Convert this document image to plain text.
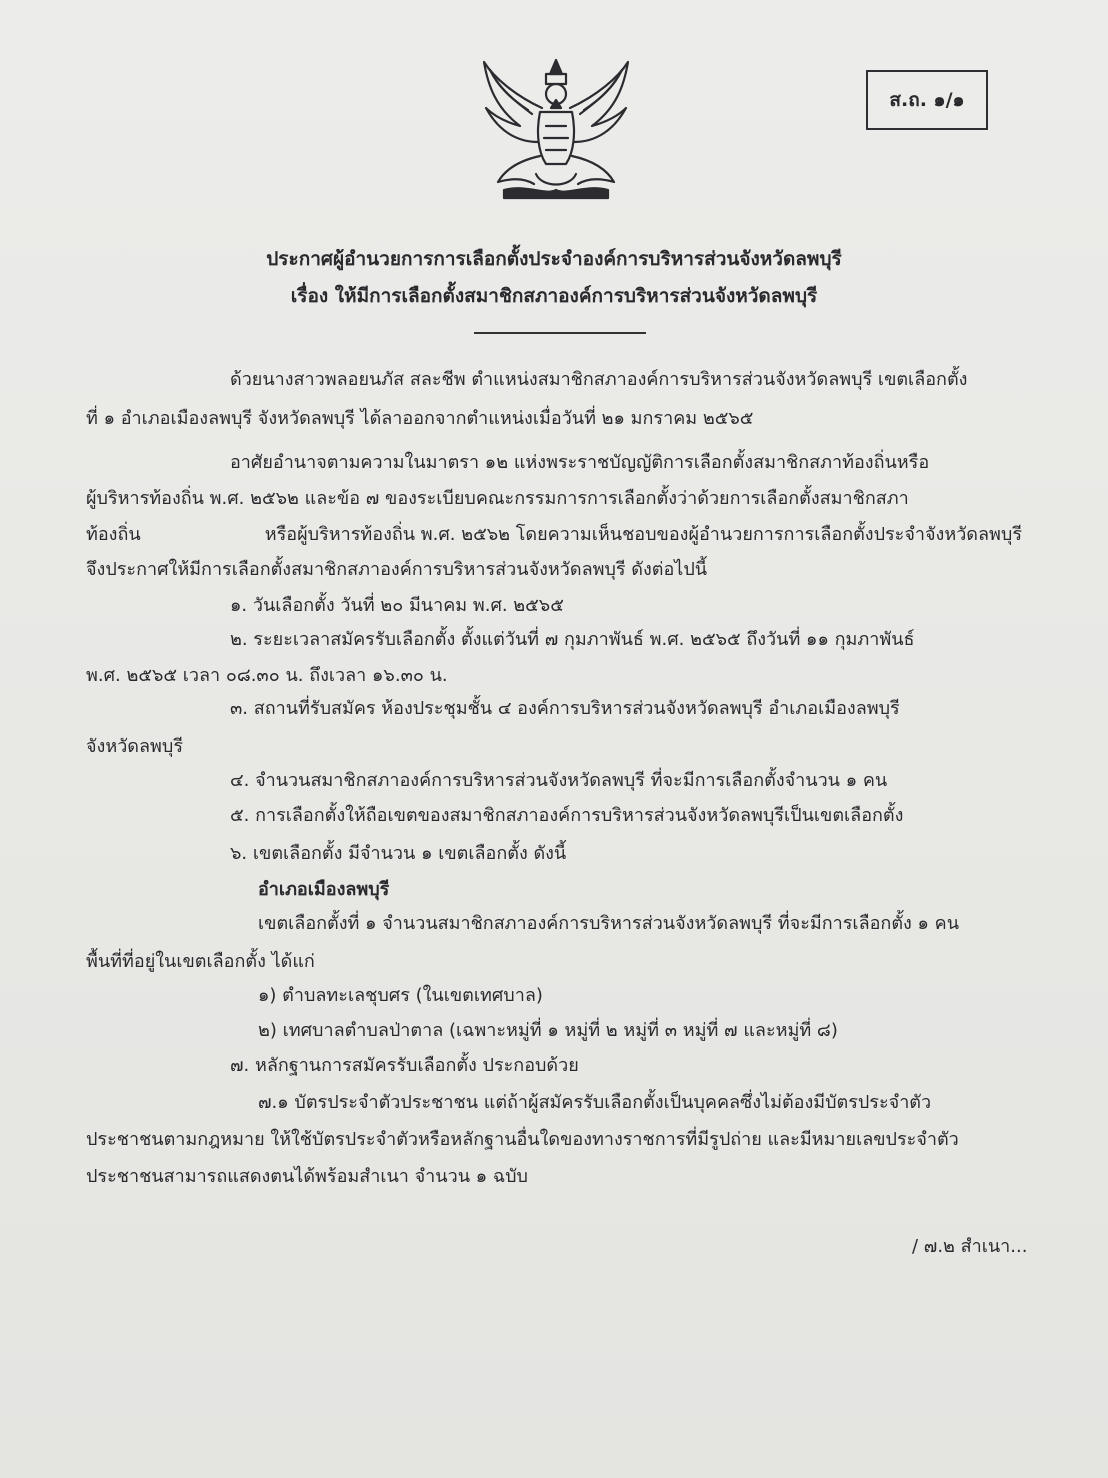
ส.ถ. ๑/๑
ประกาศผู้อำนวยการการเลือกตั้งประจำองค์การบริหารส่วนจังหวัดลพบุรี
เรื่อง ให้มีการเลือกตั้งสมาชิกสภาองค์การบริหารส่วนจังหวัดลพบุรี
ด้วยนางสาวพลอยนภัส สละชีพ ตำแหน่งสมาชิกสภาองค์การบริหารส่วนจังหวัดลพบุรี เขตเลือกตั้ง
ที่ ๑ อำเภอเมืองลพบุรี จังหวัดลพบุรี ได้ลาออกจากตำแหน่งเมื่อวันที่ ๒๑ มกราคม ๒๕๖๕
อาศัยอำนาจตามความในมาตรา ๑๒ แห่งพระราชบัญญัติการเลือกตั้งสมาชิกสภาท้องถิ่นหรือ
ผู้บริหารท้องถิ่น พ.ศ. ๒๕๖๒ และข้อ ๗ ของระเบียบคณะกรรมการการเลือกตั้งว่าด้วยการเลือกตั้งสมาชิกสภา
ท้องถิ่น	หรือผู้บริหารท้องถิ่น พ.ศ. ๒๕๖๒ โดยความเห็นชอบของผู้อำนวยการการเลือกตั้งประจำจังหวัดลพบุรี
จึงประกาศให้มีการเลือกตั้งสมาชิกสภาองค์การบริหารส่วนจังหวัดลพบุรี ดังต่อไปนี้
๑. วันเลือกตั้ง วันที่ ๒๐ มีนาคม พ.ศ. ๒๕๖๕
๒. ระยะเวลาสมัครรับเลือกตั้ง ตั้งแต่วันที่ ๗ กุมภาพันธ์ พ.ศ. ๒๕๖๕ ถึงวันที่ ๑๑ กุมภาพันธ์
พ.ศ. ๒๕๖๕ เวลา ๐๘.๓๐ น. ถึงเวลา ๑๖.๓๐ น.
๓. สถานที่รับสมัคร ห้องประชุมชั้น ๔ องค์การบริหารส่วนจังหวัดลพบุรี อำเภอเมืองลพบุรี
จังหวัดลพบุรี
๔. จำนวนสมาชิกสภาองค์การบริหารส่วนจังหวัดลพบุรี ที่จะมีการเลือกตั้งจำนวน ๑ คน
๕. การเลือกตั้งให้ถือเขตของสมาชิกสภาองค์การบริหารส่วนจังหวัดลพบุรีเป็นเขตเลือกตั้ง
๖. เขตเลือกตั้ง มีจำนวน ๑ เขตเลือกตั้ง ดังนี้
อำเภอเมืองลพบุรี
เขตเลือกตั้งที่ ๑ จำนวนสมาชิกสภาองค์การบริหารส่วนจังหวัดลพบุรี ที่จะมีการเลือกตั้ง ๑ คน
พื้นที่ที่อยู่ในเขตเลือกตั้ง ได้แก่
๑) ตำบลทะเลชุบศร (ในเขตเทศบาล)
๒) เทศบาลตำบลป่าตาล (เฉพาะหมู่ที่ ๑ หมู่ที่ ๒ หมู่ที่ ๓ หมู่ที่ ๗ และหมู่ที่ ๘)
๗. หลักฐานการสมัครรับเลือกตั้ง ประกอบด้วย
๗.๑ บัตรประจำตัวประชาชน แต่ถ้าผู้สมัครรับเลือกตั้งเป็นบุคคลซึ่งไม่ต้องมีบัตรประจำตัว
ประชาชนตามกฎหมาย ให้ใช้บัตรประจำตัวหรือหลักฐานอื่นใดของทางราชการที่มีรูปถ่าย และมีหมายเลขประจำตัว
ประชาชนสามารถแสดงตนได้พร้อมสำเนา จำนวน ๑ ฉบับ
/ ๗.๒ สำเนา...
